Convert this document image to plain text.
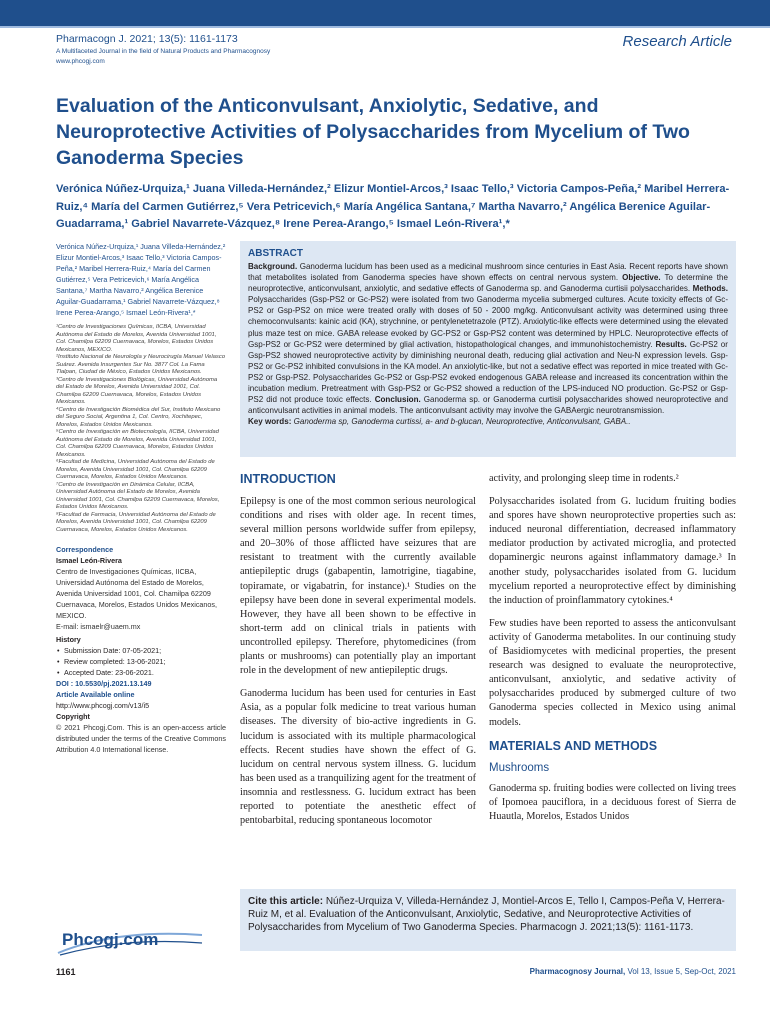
Pharmacogn J. 2021; 13(5): 1161-1173
A Multifaceted Journal in the field of Natural Products and Pharmacognosy
www.phcogj.com
Research Article
Evaluation of the Anticonvulsant, Anxiolytic, Sedative, and Neuroprotective Activities of Polysaccharides from Mycelium of Two Ganoderma Species
Verónica Núñez-Urquiza,¹ Juana Villeda-Hernández,² Elizur Montiel-Arcos,³ Isaac Tello,³ Victoria Campos-Peña,² Maribel Herrera-Ruiz,⁴ María del Carmen Gutiérrez,⁵ Vera Petricevich,⁶ María Angélica Santana,⁷ Martha Navarro,² Angélica Berenice Aguilar-Guadarrama,¹ Gabriel Navarrete-Vázquez,⁸ Irene Perea-Arango,⁵ Ismael León-Rivera¹,*
Verónica Núñez-Urquiza,¹ Juana Villeda-Hernández,² Elizur Montiel-Arcos,³ Isaac Tello,³ Victoria Campos-Peña,² Maribel Herrera-Ruiz,⁴ María del Carmen Gutiérrez,⁵ Vera Petricevich,⁶ María Angélica Santana,⁷ Martha Navarro,² Angélica Berenice Aguilar-Guadarrama,¹ Gabriel Navarrete-Vázquez,⁸ Irene Perea-Arango,⁵ Ismael León-Rivera¹,*
¹Centro de Investigaciones Químicas, IICBA, Universidad Autónoma del Estado de Morelos, Avenida Universidad 1001, Col. Chamilpa 62209 Cuernavaca, Morelos, Estados Unidos Mexicanos, MEXICO.
²Instituto Nacional de Neurología y Neurocirugía Manuel Velasco Suárez. Avenida Insurgentes Sur No. 3877 Col. La Fama Tlalpan, Ciudad de México, Estados Unidos Mexicanos.
³Centro de Investigaciones Biológicas, Universidad Autónoma del Estado de Morelos, Avenida Universidad 1001, Col. Chamilpa 62209 Cuernavaca, Morelos, Estados Unidos Mexicanos.
⁴Centro de Investigación Biomédica del Sur, Instituto Mexicano del Seguro Social, Argentina 1, Col. Centro, Xochitepec, Morelos, Estados Unidos Mexicanos.
⁵Centro de Investigación en Biotecnología, IICBA, Universidad Autónoma del Estado de Morelos, Avenida Universidad 1001, Col. Chamilpa 62209 Cuernavaca, Morelos, Estados Unidos Mexicanos.
⁶Facultad de Medicina, Universidad Autónoma del Estado de Morelos, Avenida Universidad 1001, Col. Chamilpa 62209 Cuernavaca, Morelos, Estados Unidos Mexicanos.
⁷Centro de Investigación en Dinámica Celular, IICBA, Universidad Autónoma del Estado de Morelos, Avenida Universidad 1001, Col. Chamilpa 62209 Cuernavaca, Morelos, Estados Unidos Mexicanos.
⁸Facultad de Farmacia, Universidad Autónoma del Estado de Morelos, Avenida Universidad 1001, Col. Chamilpa 62209 Cuernavaca, Morelos, Estados Unidos Mexicanos.
Correspondence
Ismael León-Rivera
Centro de Investigaciones Químicas, IICBA, Universidad Autónoma del Estado de Morelos, Avenida Universidad 1001, Col. Chamilpa 62209 Cuernavaca, Morelos, Estados Unidos Mexicanos, MEXICO.
E-mail: ismaelr@uaem.mx
History
• Submission Date: 07-05-2021;
• Review completed: 13-06-2021;
• Accepted Date: 23-06-2021.
DOI : 10.5530/pj.2021.13.149
Article Available online
http://www.phcogj.com/v13/i5
Copyright
© 2021 Phcogj.Com. This is an open-access article distributed under the terms of the Creative Commons Attribution 4.0 International license.
Phcogj.com
ABSTRACT
Background. Ganoderma lucidum has been used as a medicinal mushroom since centuries in East Asia. Recent reports have shown that metabolites isolated from Ganoderma species have shown effects on central nervous system. Objective. To determine the neuroprotective, anticonvulsant, anxiolytic, and sedative effects of Ganoderma sp. and Ganoderma curtisii polysaccharides. Methods. Polysaccharides (Gsp-PS2 or Gc-PS2) were isolated from two Ganoderma mycelia submerged cultures. Acute toxicity effects of Gc-PS2 or Gsp-PS2 on mice were treated orally with doses of 50 - 2000 mg/kg. Anticonvulsant activity was determined using three chemoconvulsants: kainic acid (KA), strychnine, or pentylenetetrazole (PTZ). Anxiolytic-like effects were determined using the elevated plus maze test on mice. GABA release evoked by GC-PS2 or Gsp-PS2 content was determined by HPLC. Neuroprotective effects of Gsp-PS2 or Gc-PS2 were determined by glial activation, histopathological changes, and immunohistochemistry. Results. Gc-PS2 or Gsp-PS2 showed neuroprotective activity by diminishing neuronal death, reducing glial activation and Neu-N expression levels. Gsp-PS2 or Gc-PS2 inhibited convulsions in the KA model. An anxiolytic-like, but not a sedative effect was reported in mice treated with Gc-PS2 or Gsp-PS2. Polysaccharides Gc-PS2 or Gsp-PS2 evoked endogenous GABA release and increased its concentration within the incubation medium. Pretreatment with Gsp-PS2 or Gc-PS2 showed a reduction of the LPS-induced NO production. Gc-PS2 or Gsp-PS2 did not produce toxic effects. Conclusion. Ganoderma sp. or Ganoderma curtisii polysaccharides showed neuroprotective and anticonvulsant activities in animal models. The anticonvulsant activity may involve the GABAergic neurotransmission.
Key words: Ganoderma sp, Ganoderma curtissi, a- and b-glucan, Neuroprotective, Anticonvulsant, GABA..
INTRODUCTION

Epilepsy is one of the most common serious neurological conditions and rises with older age. In recent times, several million persons worldwide suffer from epilepsy, and 20–30% of those afflicted have seizures that are resistant to treatment with the currently available antiepileptic drugs (gabapentin, lamotrigine, tiagabine, topiramate, or vigabatrin, for instance).¹ Studies on the epilepsy have been done in several experimental models. However, they have all been shown to be effective in short-term add on clinical trials in patients with uncontrolled epilepsy. Therefore, phytomedicines (from plants or mushrooms) can potentially play an important role in the development of new antiepileptic drugs.

Ganoderma lucidum has been used for centuries in East Asia, as a popular folk medicine to treat various human diseases. The diversity of bio-active ingredients in G. lucidum is associated with its multiple pharmacological effects. Recent studies have shown the effect of G. lucidum on central nervous system illness. G. lucidum has been used as a tranquilizing agent for the treatment of insomnia and restlessness. G. lucidum extract has been reported to potentiate the anesthetic effect of pentobarbital, reducing spontaneous locomotor

activity, and prolonging sleep time in rodents.²

Polysaccharides isolated from G. lucidum fruiting bodies and spores have shown neuroprotective properties such as: induced neuronal differentiation, decreased inflammatory mediator production by activated microglia, and protected dopaminergic neurons against inflammatory damage.³ In another study, polysaccharides isolated from G. lucidum mycelium reported a neuroprotective effect by diminishing the induction of proinflammatory cytokines.⁴

Few studies have been reported to assess the anticonvulsant activity of Ganoderma metabolites. In our continuing study of Basidiomycetes with medicinal properties, the present research was designed to evaluate the neuroprotective, anticonvulsant, anxiolytic, and sedative activity of polysaccharides produced by submerged culture of two Ganoderma species collected in Mexico using animal models.

MATERIALS AND METHODS
Mushrooms

Ganoderma sp. fruiting bodies were collected on living trees of Ipomoea pauciflora, in a deciduous forest of Sierra de Huautla, Morelos, Estados Unidos

Cite this article: Núñez-Urquiza V, Villeda-Hernández J, Montiel-Arcos E, Tello I, Campos-Peña V, Herrera-Ruiz M, et al. Evaluation of the Anticonvulsant, Anxiolytic, Sedative, and Neuroprotective Activities of Polysaccharides from Mycelium of Two Ganoderma Species. Pharmacogn J. 2021;13(5): 1161-1173.
1161	Pharmacognosy Journal, Vol 13, Issue 5, Sep-Oct, 2021
